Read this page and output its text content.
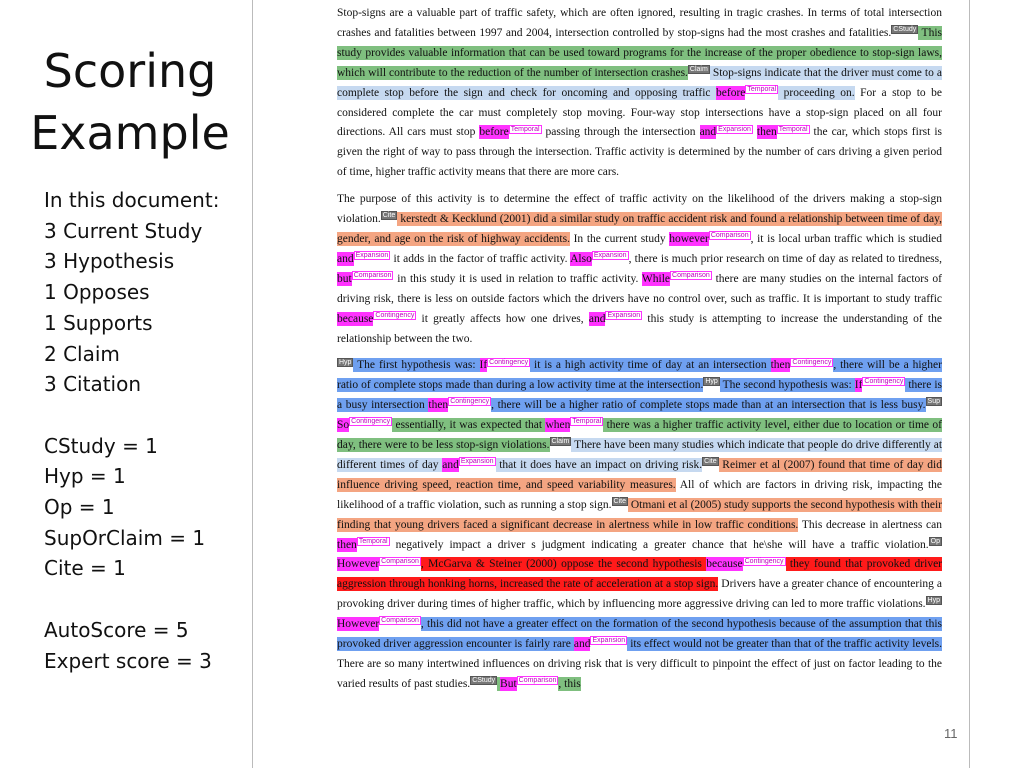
Scoring
Example
In this document:
3 Current Study
3 Hypothesis
1 Opposes
1 Supports
2 Claim
3 Citation
CStudy = 1
Hyp = 1
Op = 1
SupOrClaim = 1
Cite = 1
AutoScore = 5
Expert score = 3

Stop-signs are a valuable part of traffic safety, which are often ignored, resulting in tragic crashes. In terms of total intersection crashes and fatalities between 1997 and 2004, intersection controlled by stop-signs had the most crashes and fatalities. $^{CStudy}$ This study provides valuable information that can be used toward programs for the increase of the proper obedience to stop-sign laws, which will contribute to the reduction of the number of intersection crashes. $^{Claim}$ Stop-signs indicate that the driver must come to a complete stop before the sign and check for oncoming and opposing traffic before $^{Temporal}$ proceeding on. For a stop to be considered complete the car must completely stop moving. Four-way stop intersections have a stop-sign placed on all four directions. All cars must stop before $^{Temporal}$ passing through the intersection and $^{Expansion}$ then $^{Temporal}$ the car, which stops first is given the right of way to pass through the intersection. Traffic activity is determined by the number of cars driving a given period of time, higher traffic activity means that there are more cars.

The purpose of this activity is to determine the effect of traffic activity on the likelihood of the drivers making a stop-sign violation. $^{Cite}$ kerstedt & Kecklund (2001) did a similar study on traffic accident risk and found a relationship between time of day, gender, and age on the risk of highway accidents. In the current study however $^{Comparison}$ , it is local urban traffic which is studied and $^{Expansion}$ it adds in the factor of traffic activity. Also $^{Expansion}$ , there is much prior research on time of day as related to tiredness, but $^{Comparison}$ in this study it is used in relation to traffic activity. While $^{Comparison}$ there are many studies on the internal factors of driving risk, there is less on outside factors which the drivers have no control over, such as traffic. It is important to study traffic because $^{Contingency}$ it greatly affects how one drives, and $^{Expansion}$ this study is attempting to increase the understanding of the relationship between the two.

$^{Hyp}$ The first hypothesis was: If $^{Contingency}$ it is a high activity time of day at an intersection then $^{Contingency}$ , there will be a higher ratio of complete stops made than during a low activity time at the intersection. $^{Hyp}$ The second hypothesis was: If $^{Contingency}$ there is a busy intersection then $^{Contingency}$ , there will be a higher ratio of complete stops made than at an intersection that is less busy. $^{Sup}$ So $^{Contingency}$ essentially, it was expected that when $^{Temporal}$ there was a higher traffic activity level, either due to location or time of day, there were to be less stop-sign violations. $^{Claim}$ There have been many studies which indicate that people do drive differently at different times of day and $^{Expansion}$ that it does have an impact on driving risk. $^{Cite}$ Reimer et al (2007) found that time of day did influence driving speed, reaction time, and speed variability measures. All of which are factors in driving risk, impacting the likelihood of a traffic violation, such as running a stop sign. $^{Cite}$ Otmani et al (2005) study supports the second hypothesis with their finding that young drivers faced a significant decrease in alertness while in low traffic conditions. This decrease in alertness can then $^{Temporal}$ negatively impact a driver s judgment indicating a greater chance that he\she will have a traffic violation. $^{Op}$ However $^{Comparison}$ , McGarva & Steiner (2000) oppose the second hypothesis because $^{Contingency}$ they found that provoked driver aggression through honking horns, increased the rate of acceleration at a stop sign. Drivers have a greater chance of encountering a provoking driver during times of higher traffic, which by influencing more aggressive driving can led to more traffic violations. $^{Hyp}$ However $^{Comparison}$ , this did not have a greater effect on the formation of the second hypothesis because of the assumption that this provoked driver aggression encounter is fairly rare and $^{Expansion}$ its effect would not be greater than that of the traffic activity levels. There are so many intertwined influences on driving risk that is very difficult to pinpoint the effect of just on factor leading to the varied results of past studies. $^{CStudy}$ But $^{Comparison}$ , this

11
